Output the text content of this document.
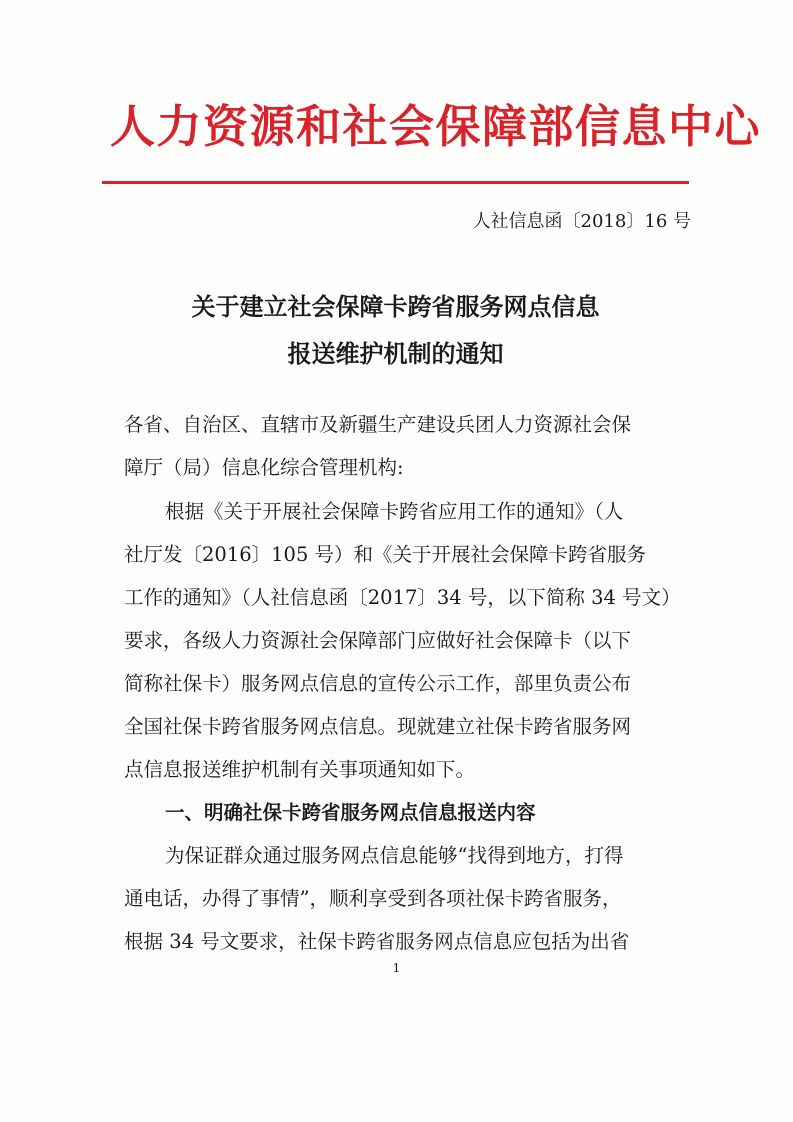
人力资源和社会保障部信息中心
人社信息函〔2018〕16 号
关于建立社会保障卡跨省服务网点信息
报送维护机制的通知
各省、自治区、直辖市及新疆生产建设兵团人力资源社会保
障厅（局）信息化综合管理机构:
根据《关于开展社会保障卡跨省应用工作的通知》（人
社厅发〔2016〕105 号）和《关于开展社会保障卡跨省服务
工作的通知》（人社信息函〔2017〕34 号，以下简称 34 号文）
要求，各级人力资源社会保障部门应做好社会保障卡（以下
简称社保卡）服务网点信息的宣传公示工作，部里负责公布
全国社保卡跨省服务网点信息。现就建立社保卡跨省服务网
点信息报送维护机制有关事项通知如下。
一、明确社保卡跨省服务网点信息报送内容
为保证群众通过服务网点信息能够“找得到地方，打得
通电话，办得了事情”，顺利享受到各项社保卡跨省服务，
根据 34 号文要求，社保卡跨省服务网点信息应包括为出省
1
